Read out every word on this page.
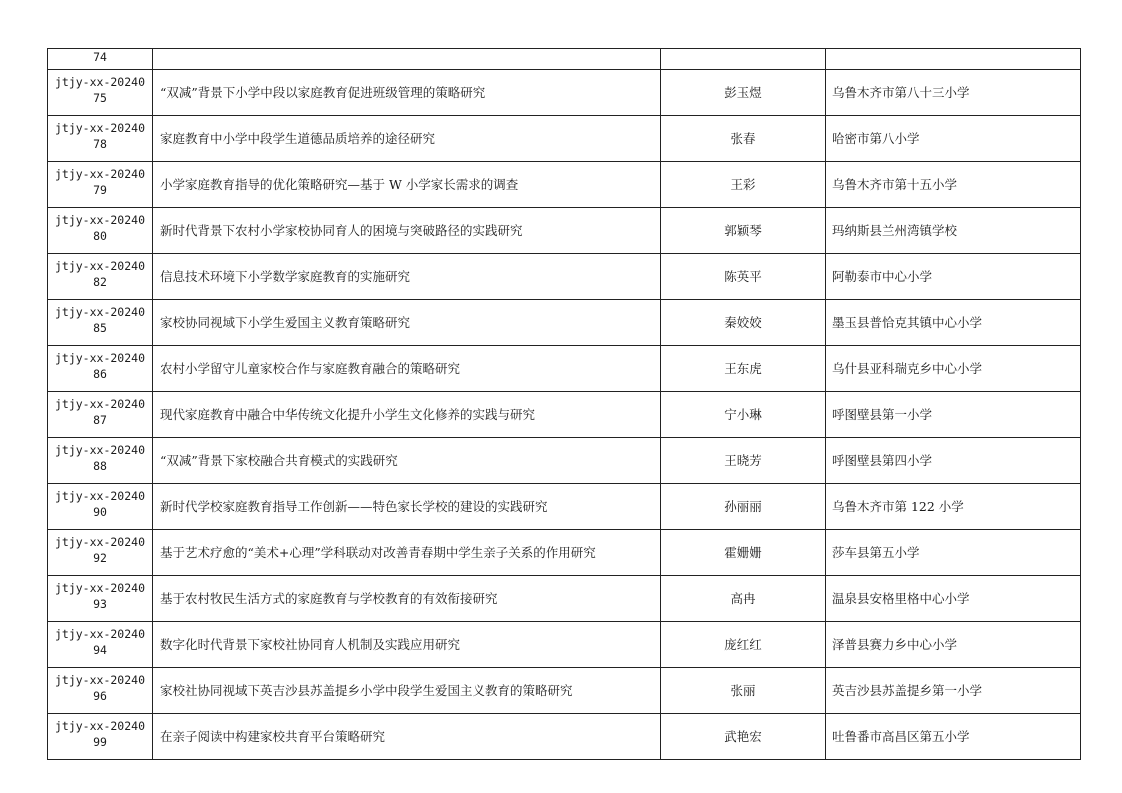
74			

jtjy-xx-20240
75	“双减”背景下小学中段以家庭教育促进班级管理的策略研究	彭玉煜	乌鲁木齐市第八十三小学

jtjy-xx-20240
78	家庭教育中小学中段学生道德品质培养的途径研究	张春	哈密市第八小学

jtjy-xx-20240
79	小学家庭教育指导的优化策略研究—基于 W 小学家长需求的调查	王彩	乌鲁木齐市第十五小学

jtjy-xx-20240
80	新时代背景下农村小学家校协同育人的困境与突破路径的实践研究	郭颖琴	玛纳斯县兰州湾镇学校

jtjy-xx-20240
82	信息技术环境下小学数学家庭教育的实施研究	陈英平	阿勒泰市中心小学

jtjy-xx-20240
85	家校协同视域下小学生爱国主义教育策略研究	秦姣姣	墨玉县普恰克其镇中心小学

jtjy-xx-20240
86	农村小学留守儿童家校合作与家庭教育融合的策略研究	王东虎	乌什县亚科瑞克乡中心小学

jtjy-xx-20240
87	现代家庭教育中融合中华传统文化提升小学生文化修养的实践与研究	宁小琳	呼图壁县第一小学

jtjy-xx-20240
88	“双减”背景下家校融合共育模式的实践研究	王晓芳	呼图壁县第四小学

jtjy-xx-20240
90	新时代学校家庭教育指导工作创新——特色家长学校的建设的实践研究	孙丽丽	乌鲁木齐市第 122 小学

jtjy-xx-20240
92	基于艺术疗愈的“美术+心理”学科联动对改善青春期中学生亲子关系的作用研究	霍姗姗	莎车县第五小学

jtjy-xx-20240
93	基于农村牧民生活方式的家庭教育与学校教育的有效衔接研究	高冉	温泉县安格里格中心小学

jtjy-xx-20240
94	数字化时代背景下家校社协同育人机制及实践应用研究	庞红红	泽普县赛力乡中心小学

jtjy-xx-20240
96	家校社协同视域下英吉沙县苏盖提乡小学中段学生爱国主义教育的策略研究	张丽	英吉沙县苏盖提乡第一小学

jtjy-xx-20240
99	在亲子阅读中构建家校共育平台策略研究	武艳宏	吐鲁番市高昌区第五小学
